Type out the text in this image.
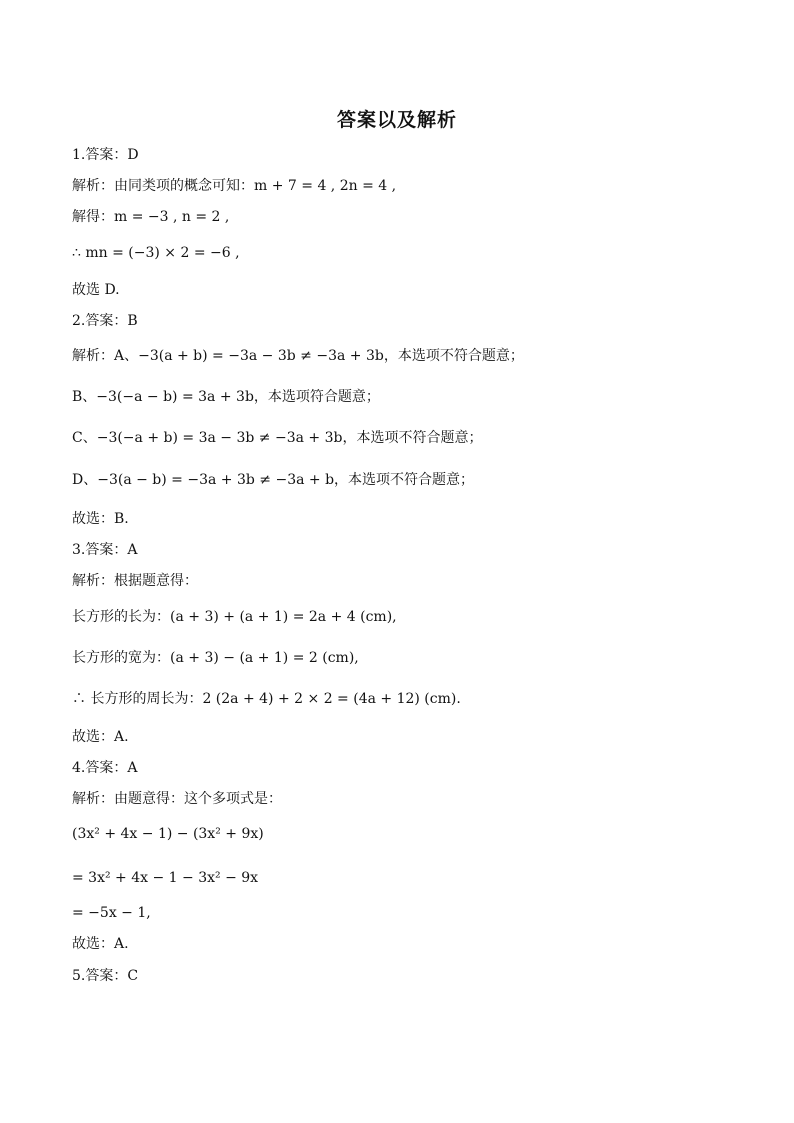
答案以及解析
1.答案：D
解析：由同类项的概念可知：m + 7 = 4 , 2n = 4 ,
解得：m = −3 , n = 2 ,
∴ mn = (−3) × 2 = −6 ,
故选 D.
2.答案：B
解析：A、−3(a + b) = −3a − 3b ≠ −3a + 3b，本选项不符合题意；
B、−3(−a − b) = 3a + 3b，本选项符合题意；
C、−3(−a + b) = 3a − 3b ≠ −3a + 3b，本选项不符合题意；
D、−3(a − b) = −3a + 3b ≠ −3a + b，本选项不符合题意；
故选：B.
3.答案：A
解析：根据题意得：
长方形的长为：(a + 3) + (a + 1) = 2a + 4 (cm),
长方形的宽为：(a + 3) − (a + 1) = 2 (cm),
∴ 长方形的周长为：2 (2a + 4) + 2 × 2 = (4a + 12) (cm).
故选：A.
4.答案：A
解析：由题意得：这个多项式是：
(3x² + 4x − 1) − (3x² + 9x)
= 3x² + 4x − 1 − 3x² − 9x
= −5x − 1,
故选：A.
5.答案：C
